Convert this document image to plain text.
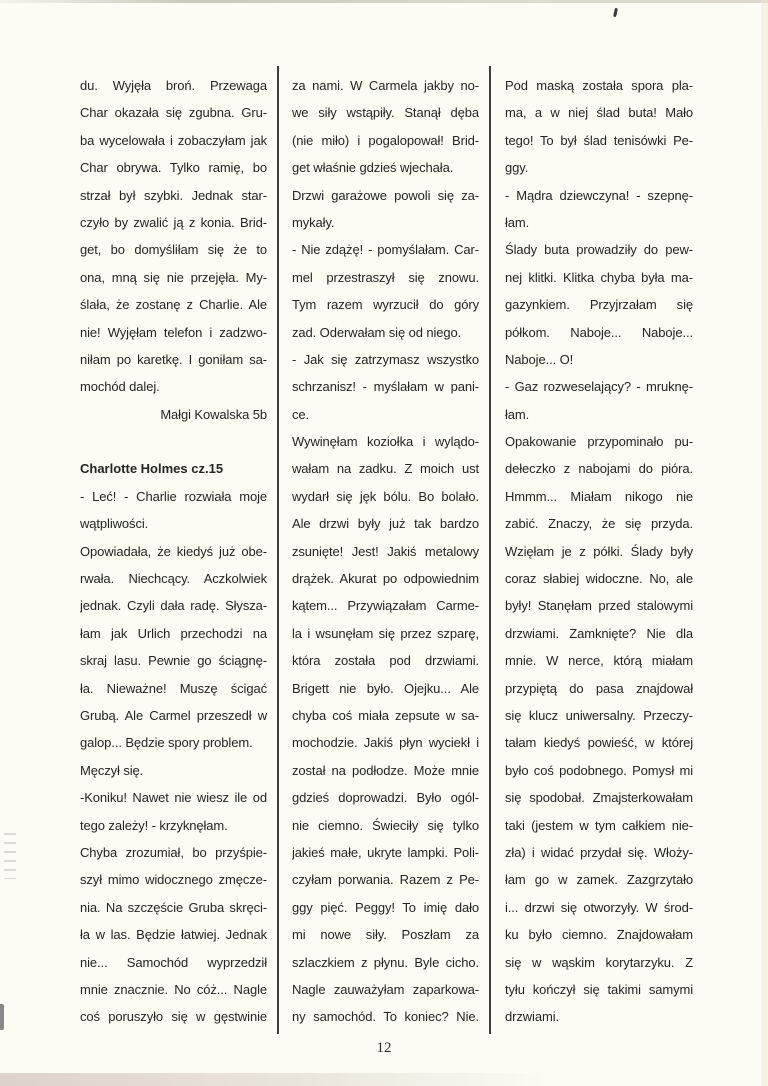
du. Wyjęła broń. Przewaga
Char okazała się zgubna. Gru-
ba wycelowała i zobaczyłam jak
Char obrywa. Tylko ramię, bo
strzał był szybki. Jednak star-
czyło by zwalić ją z konia. Brid-
get, bo domyśliłam się że to
ona, mną się nie przejęła. My-
ślała, że zostanę z Charlie. Ale
nie! Wyjęłam telefon i zadzwo-
niłam po karetkę. I goniłam sa-
mochód dalej.
Małgi Kowalska 5b
Charlotte Holmes cz.15
- Leć! - Charlie rozwiała moje
wątpliwości.
Opowiadała, że kiedyś już obe-
rwała. Niechcący. Aczkolwiek
jednak. Czyli dała radę. Słysza-
łam jak Urlich przechodzi na
skraj lasu. Pewnie go ściągnę-
ła. Nieważne! Muszę ścigać
Grubą. Ale Carmel przeszedł w
galop... Będzie spory problem.
Męczył się.
-Koniku! Nawet nie wiesz ile od
tego zależy! - krzyknęłam.
Chyba zrozumiał, bo przyśpie-
szył mimo widocznego zmęcze-
nia. Na szczęście Gruba skręci-
ła w las. Będzie łatwiej. Jednak
nie... Samochód wyprzedził
mnie znacznie. No cóż... Nagle
coś poruszyło się w gęstwinie
za nami. W Carmela jakby no-
we siły wstąpiły. Stanął dęba
(nie miło) i pogalopował! Brid-
get właśnie gdzieś wjechała.
Drzwi garażowe powoli się za-
mykały.
- Nie zdążę! - pomyślałam. Car-
mel przestraszył się znowu.
Tym razem wyrzucił do góry
zad. Oderwałam się od niego.
- Jak się zatrzymasz wszystko
schrzanisz! - myślałam w pani-
ce.
Wywinęłam koziołka i wylądo-
wałam na zadku. Z moich ust
wydarł się jęk bólu. Bo bolało.
Ale drzwi były już tak bardzo
zsunięte! Jest! Jakiś metalowy
drążek. Akurat po odpowiednim
kątem... Przywiązałam Carme-
la i wsunęłam się przez szparę,
która została pod drzwiami.
Brigett nie było. Ojejku... Ale
chyba coś miała zepsute w sa-
mochodzie. Jakiś płyn wyciekł i
został na podłodze. Może mnie
gdzieś doprowadzi. Było ogól-
nie ciemno. Świeciły się tylko
jakieś małe, ukryte lampki. Poli-
czyłam porwania. Razem z Pe-
ggy pięć. Peggy! To imię dało
mi nowe siły. Poszłam za
szlaczkiem z płynu. Byle cicho.
Nagle zauważyłam zaparkowa-
ny samochód. To koniec? Nie.
Pod maską została spora pla-
ma, a w niej ślad buta! Mało
tego! To był ślad tenisówki Pe-
ggy.
- Mądra dziewczyna! - szepnę-
łam.
Ślady buta prowadziły do pew-
nej klitki. Klitka chyba była ma-
gazynkiem. Przyjrzałam się
półkom. Naboje... Naboje...
Naboje... O!
- Gaz rozweselający? - mruknę-
łam.
Opakowanie przypominało pu-
dełeczko z nabojami do pióra.
Hmmm... Miałam nikogo nie
zabić. Znaczy, że się przyda.
Wzięłam je z półki. Ślady były
coraz słabiej widoczne. No, ale
były! Stanęłam przed stalowymi
drzwiami. Zamknięte? Nie dla
mnie. W nerce, którą miałam
przypiętą do pasa znajdował
się klucz uniwersalny. Przeczy-
tałam kiedyś powieść, w której
było coś podobnego. Pomysł mi
się spodobał. Zmajsterkowałam
taki (jestem w tym całkiem nie-
zła) i widać przydał się. Włoży-
łam go w zamek. Zazgrzytało
i... drzwi się otworzyły. W środ-
ku było ciemno. Znajdowałam
się w wąskim korytarzyku. Z
tyłu kończył się takimi samymi
drzwiami.
12
